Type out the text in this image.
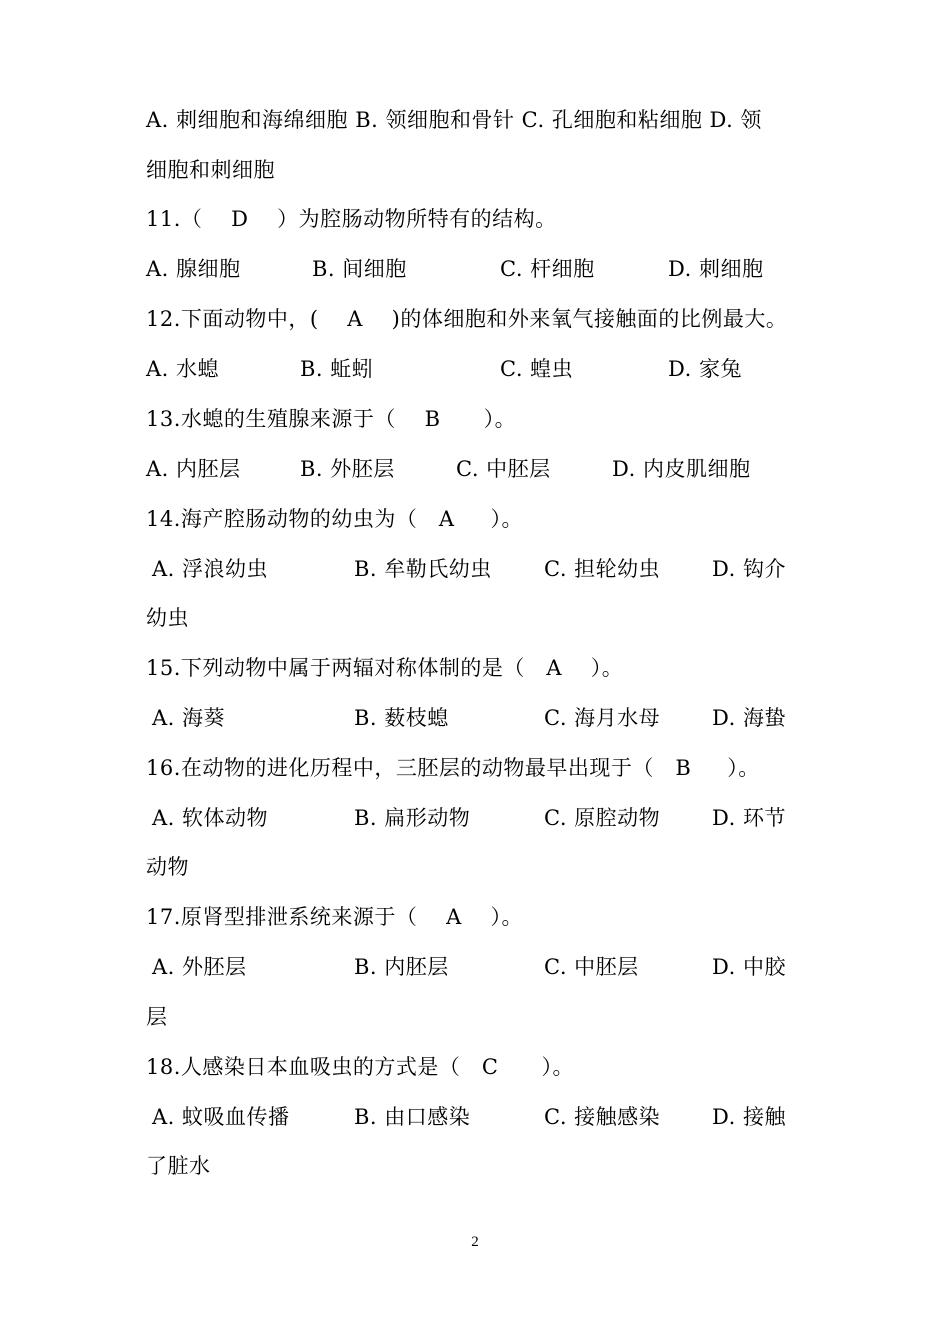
A. 刺细胞和海绵细胞 B. 领细胞和骨针 C. 孔细胞和粘细胞 D. 领
细胞和刺细胞
11.（    D    ）为腔肠动物所特有的结构。

A. 腺细胞

	B. 间细胞

	C. 杆细胞

	D. 刺细胞

12.下面动物中，(    A    )的体细胞和外来氧气接触面的比例最大。

A. 水螅

	B. 蚯蚓

	C. 蝗虫

	D. 家兔

13.水螅的生殖腺来源于（    B      ）。

A. 内胚层

	B. 外胚层

	C. 中胚层

	D. 内皮肌细胞

14.海产腔肠动物的幼虫为（   A     ）。

A. 浮浪幼虫

	B. 牟勒氏幼虫

C. 担轮幼虫

D. 钩介

幼虫
15.下列动物中属于两辐对称体制的是（   A    ）。

A. 海葵

	B. 薮枝螅

	C. 海月水母

D. 海蛰

16.在动物的进化历程中，三胚层的动物最早出现于（   B     ）。

A. 软体动物

	B. 扁形动物

	C. 原腔动物

D. 环节

动物
17.原肾型排泄系统来源于（    A    ）。

A. 外胚层

	B. 内胚层

	C. 中胚层

	D. 中胶

层
18.人感染日本血吸虫的方式是（   C      ）。

A. 蚊吸血传播

	B. 由口感染

	C. 接触感染

D. 接触

了脏水
2
